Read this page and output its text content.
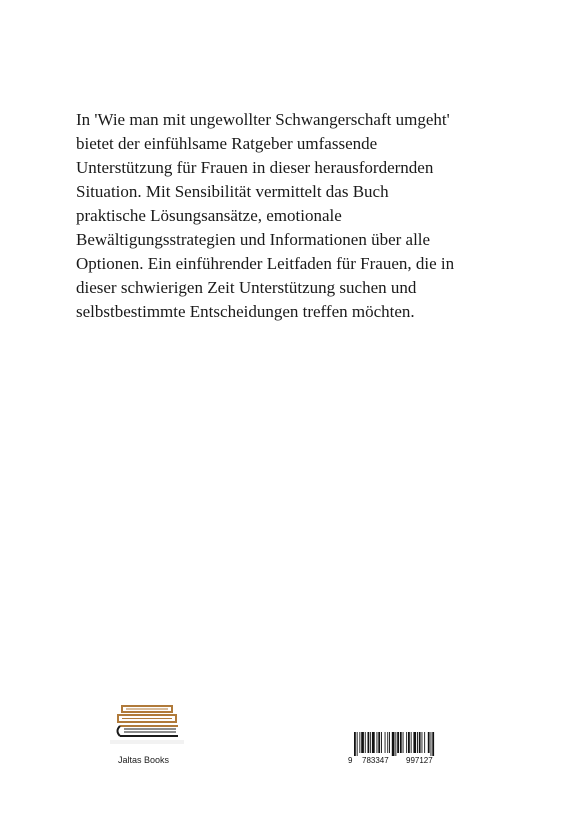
In 'Wie man mit ungewollter Schwangerschaft umgeht'
bietet der einfühlsame Ratgeber umfassende
Unterstützung für Frauen in dieser herausfordernden
Situation. Mit Sensibilität vermittelt das Buch
praktische Lösungsansätze, emotionale
Bewältigungsstrategien und Informationen über alle
Optionen. Ein einführender Leitfaden für Frauen, die in
dieser schwierigen Zeit Unterstützung suchen und
selbstbestimmte Entscheidungen treffen möchten.
Jaltas Books	9 783347 997127
